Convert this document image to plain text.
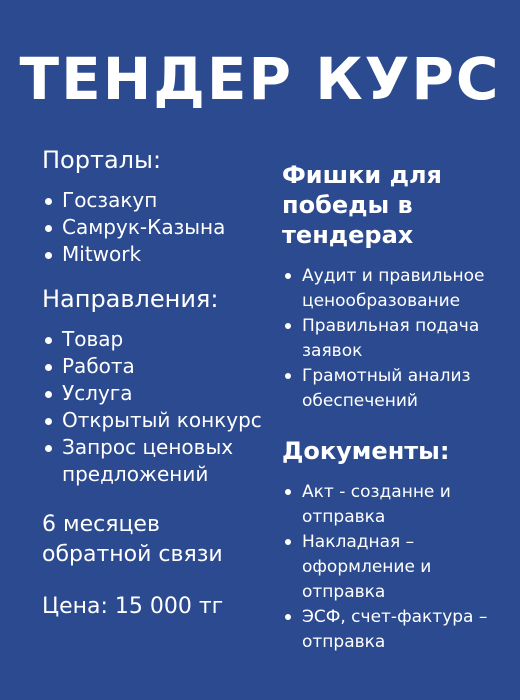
ТЕНДЕР КУРС
Порталы:
Госзакуп
Самрук-Казына
Mitwork
Направления:
Товар
Работа
Услуга
Открытый конкурс
Запрос ценовых предложений
6 месяцев обратной связи
Цена: 15 000 тг
Фишки для победы в тендерах
Аудит и правильное ценообразование
Правильная подача заявок
Грамотный анализ обеспечений
Документы:
Акт - созданне и отправка
Накладная – оформление и отправка
ЭСФ, счет-фактура – отправка
